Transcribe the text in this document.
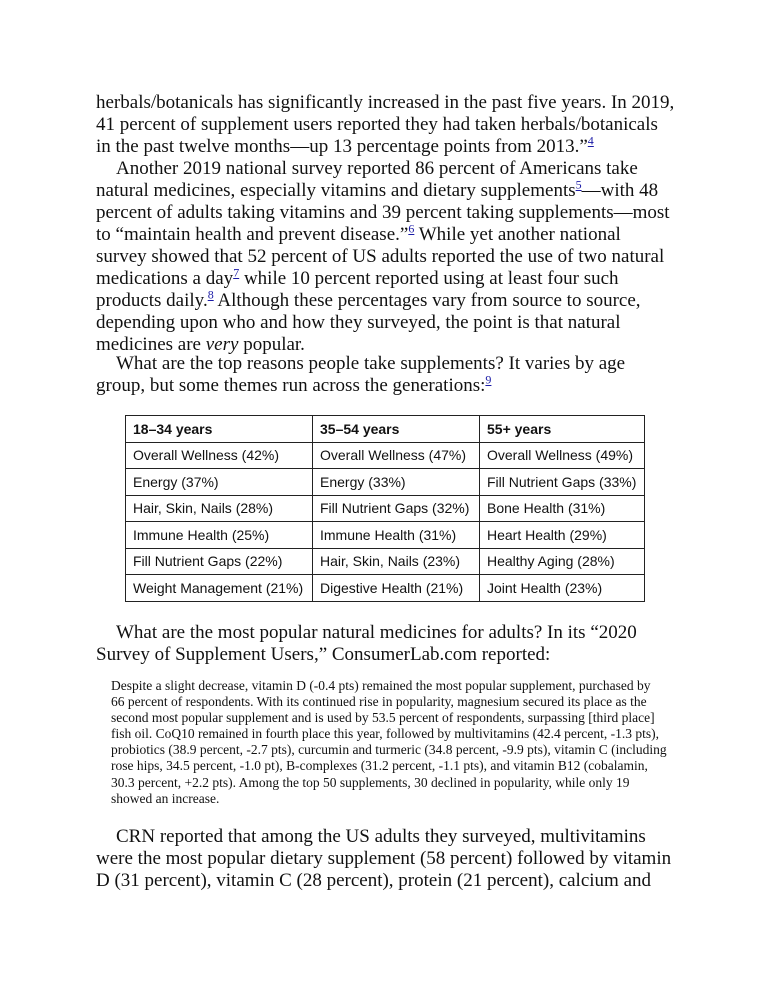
herbals/botanicals has significantly increased in the past five years. In 2019, 41 percent of supplement users reported they had taken herbals/botanicals in the past twelve months—up 13 percentage points from 2013.”$^4$

Another 2019 national survey reported 86 percent of Americans take natural medicines, especially vitamins and dietary supplements$^5$—with 48 percent of adults taking vitamins and 39 percent taking supplements—most to “maintain health and prevent disease.”$^6$ While yet another national survey showed that 52 percent of US adults reported the use of two natural medications a day$^7$ while 10 percent reported using at least four such products daily.$^8$ Although these percentages vary from source to source, depending upon who and how they surveyed, the point is that natural medicines are very popular.

What are the top reasons people take supplements? It varies by age group, but some themes run across the generations:$^9$

18–34 years	35–54 years	55+ years
Overall Wellness (42%)	Overall Wellness (47%)	Overall Wellness (49%)
Energy (37%)	Energy (33%)	Fill Nutrient Gaps (33%)
Hair, Skin, Nails (28%)	Fill Nutrient Gaps (32%)	Bone Health (31%)
Immune Health (25%)	Immune Health (31%)	Heart Health (29%)
Fill Nutrient Gaps (22%)	Hair, Skin, Nails (23%)	Healthy Aging (28%)
Weight Management (21%)	Digestive Health (21%)	Joint Health (23%)

What are the most popular natural medicines for adults? In its “2020 Survey of Supplement Users,” ConsumerLab.com reported:

Despite a slight decrease, vitamin D (-0.4 pts) remained the most popular supplement, purchased by 66 percent of respondents. With its continued rise in popularity, magnesium secured its place as the second most popular supplement and is used by 53.5 percent of respondents, surpassing [third place] fish oil. CoQ10 remained in fourth place this year, followed by multivitamins (42.4 percent, -1.3 pts), probiotics (38.9 percent, -2.7 pts), curcumin and turmeric (34.8 percent, -9.9 pts), vitamin C (including rose hips, 34.5 percent, -1.0 pt), B-complexes (31.2 percent, -1.1 pts), and vitamin B12 (cobalamin, 30.3 percent, +2.2 pts). Among the top 50 supplements, 30 declined in popularity, while only 19 showed an increase.

CRN reported that among the US adults they surveyed, multivitamins were the most popular dietary supplement (58 percent) followed by vitamin D (31 percent), vitamin C (28 percent), protein (21 percent), calcium and
